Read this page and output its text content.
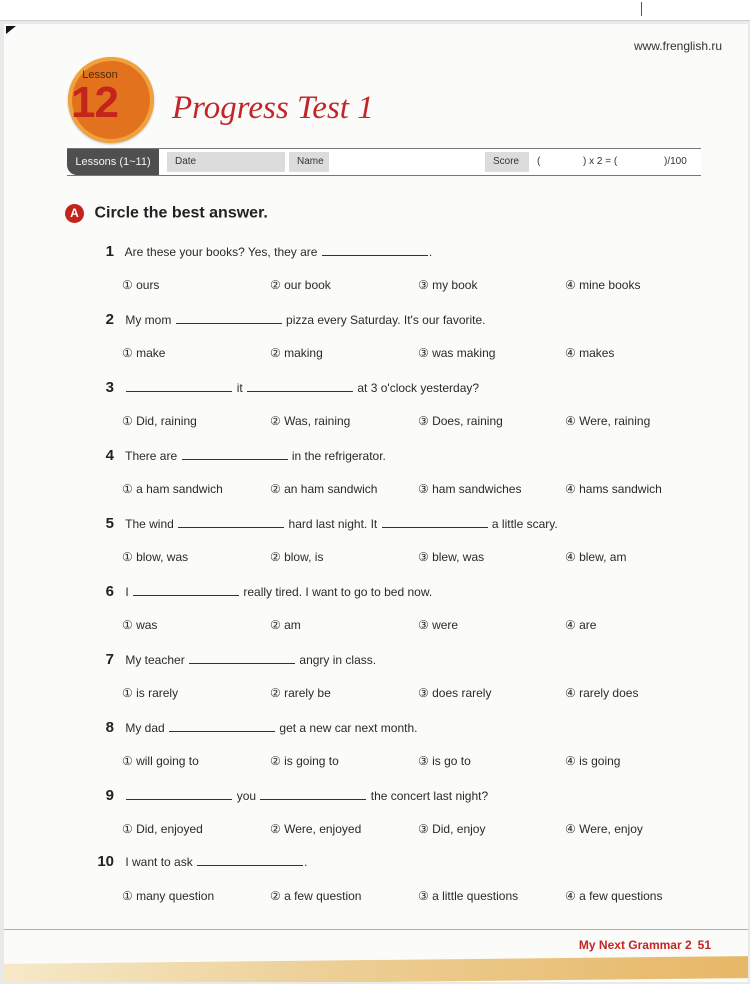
www.frenglish.ru
Lesson
12	Progress Test 1
Lessons (1~11)	Date	Name	Score	(	) x 2 = (	)/100
A Circle the best answer.
1 Are these your books? Yes, they are	.
① ours	② our book	③ my book	④ mine books
2 My mom	pizza every Saturday. It's our favorite.
① make	② making	③ was making	④ makes
3	it	at 3 o'clock yesterday?
① Did, raining	② Was, raining	③ Does, raining	④ Were, raining
4 There are	in the refrigerator.
① a ham sandwich	② an ham sandwich	③ ham sandwiches	④ hams sandwich
5 The wind	hard last night. It	a little scary.
① blow, was	② blow, is	③ blew, was	④ blew, am
6 I	really tired. I want to go to bed now.
① was	② am	③ were	④ are
7 My teacher	angry in class.
① is rarely	② rarely be	③ does rarely	④ rarely does
8 My dad	get a new car next month.
① will going to	② is going to	③ is go to	④ is going
9	you	the concert last night?
① Did, enjoyed	② Were, enjoyed	③ Did, enjoy	④ Were, enjoy
10 I want to ask	.
① many question	② a few question	③ a little questions	④ a few questions
My Next Grammar 2 51
